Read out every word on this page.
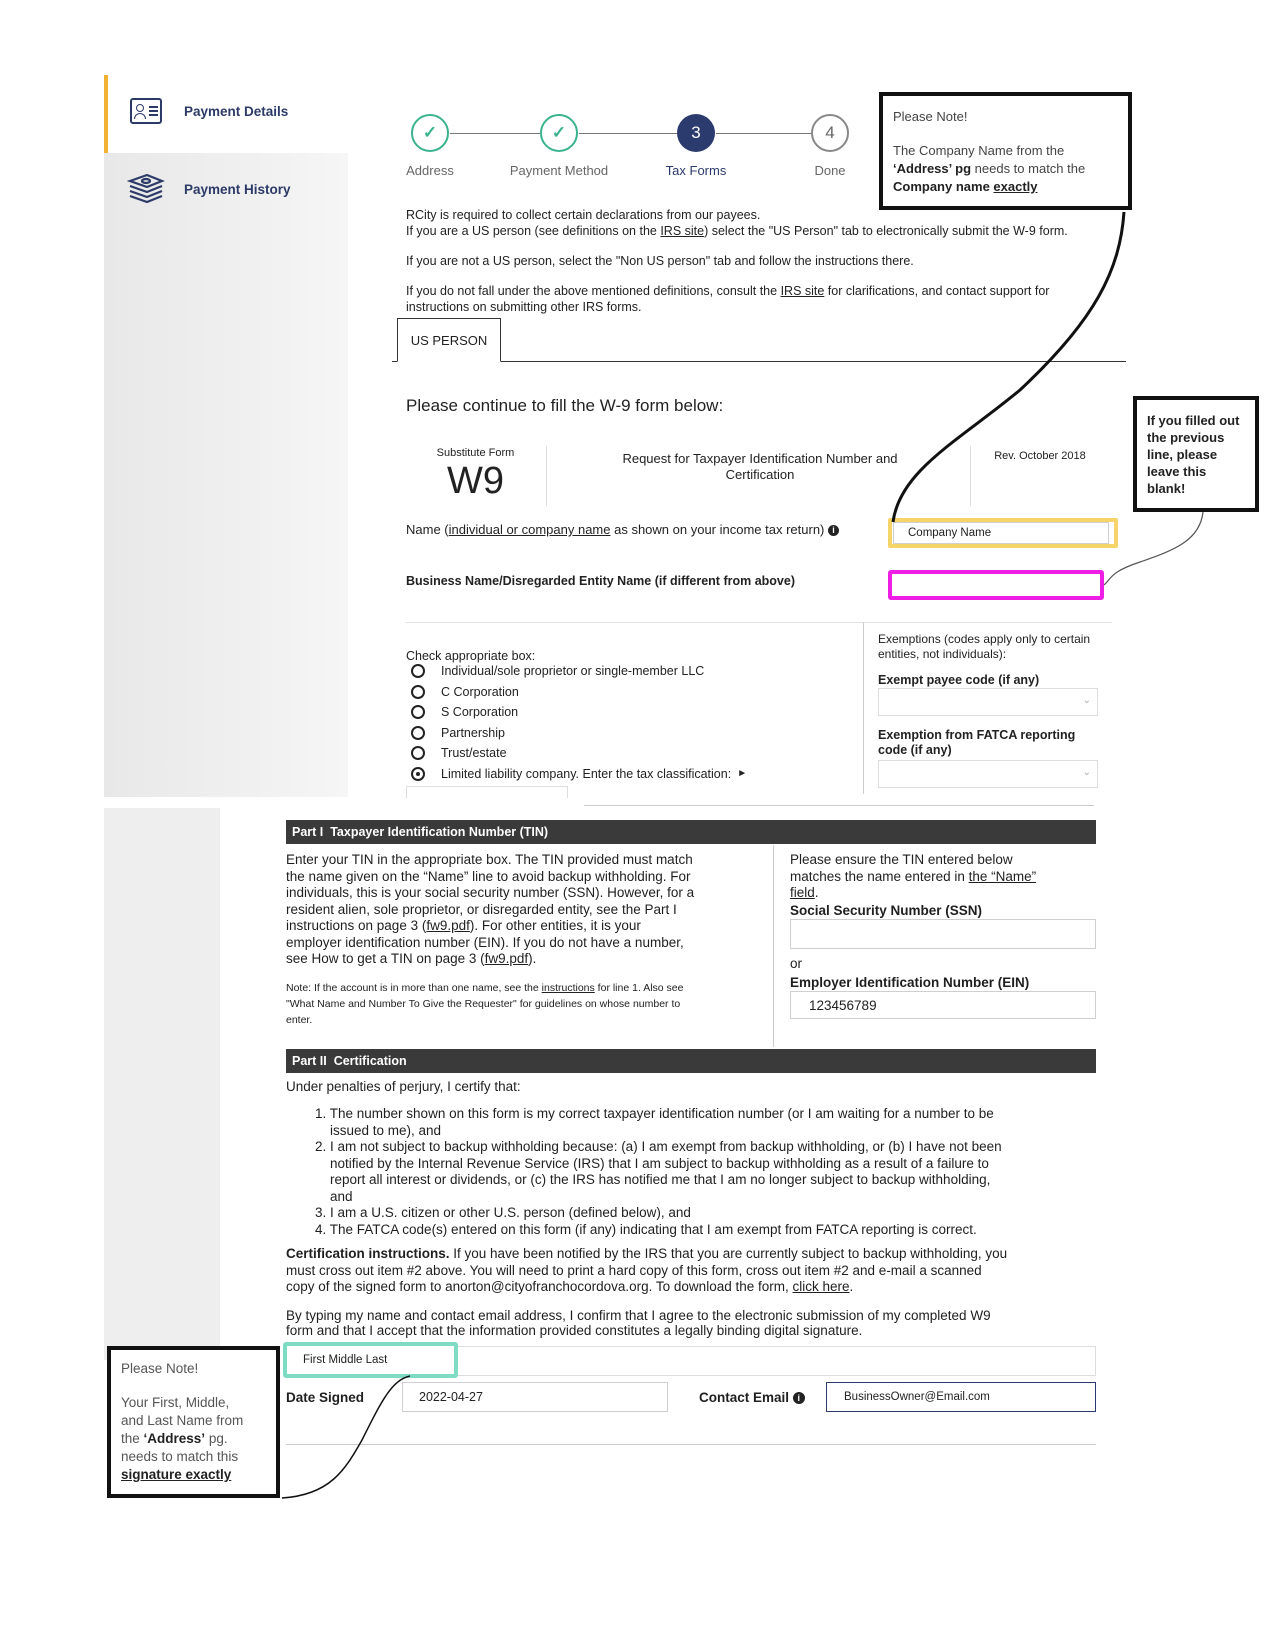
Payment Details
Payment History
✓	✓	3	4
Address	Payment Method	Tax Forms	Done
Please Note!
The Company Name from the
‘Address’ pg needs to match the
Company name exactly
RCity is required to collect certain declarations from our payees.
If you are a US person (see definitions on the IRS site) select the "US Person" tab to electronically submit the W-9 form.
If you are not a US person, select the "Non US person" tab and follow the instructions there.
If you do not fall under the above mentioned definitions, consult the IRS site for clarifications, and contact support for
instructions on submitting other IRS forms.
US PERSON
Please continue to fill the W-9 form below:
Substitute Form
W9
Request for Taxpayer Identification Number and Certification
Rev. October 2018
Name (individual or company name as shown on your income tax return) i	Company Name
Business Name/Disregarded Entity Name (if different from above)
Check appropriate box:
Individual/sole proprietor or single-member LLC
C Corporation
S Corporation
Partnership
Trust/estate
Limited liability company. Enter the tax classification: ►
Exemptions (codes apply only to certain entities, not individuals):
Exempt payee code (if any)
⌄
Exemption from FATCA reporting code (if any)
⌄
If you filled out the previous line, please leave this blank!
Part I
Taxpayer Identification Number (TIN)
Enter your TIN in the appropriate box. The TIN provided must match
the name given on the “Name” line to avoid backup withholding. For
individuals, this is your social security number (SSN). However, for a
resident alien, sole proprietor, or disregarded entity, see the Part I
instructions on page 3 (fw9.pdf). For other entities, it is your
employer identification number (EIN). If you do not have a number,
see How to get a TIN on page 3 (fw9.pdf).
Note: If the account is in more than one name, see the instructions for line 1. Also see
"What Name and Number To Give the Requester" for guidelines on whose number to
enter.
Please ensure the TIN entered below
matches the name entered in the “Name”
field.
Social Security Number (SSN)
or
Employer Identification Number (EIN)
123456789
Part II
Certification
Under penalties of perjury, I certify that:
1. The number shown on this form is my correct taxpayer identification number (or I am waiting for a number to be
issued to me), and
2. I am not subject to backup withholding because: (a) I am exempt from backup withholding, or (b) I have not been
notified by the Internal Revenue Service (IRS) that I am subject to backup withholding as a result of a failure to
report all interest or dividends, or (c) the IRS has notified me that I am no longer subject to backup withholding,
and
3. I am a U.S. citizen or other U.S. person (defined below), and
4. The FATCA code(s) entered on this form (if any) indicating that I am exempt from FATCA reporting is correct.
Certification instructions. If you have been notified by the IRS that you are currently subject to backup withholding, you
must cross out item #2 above. You will need to print a hard copy of this form, cross out item #2 and e-mail a scanned
copy of the signed form to anorton@cityofranchocordova.org. To download the form, click here.
By typing my name and contact email address, I confirm that I agree to the electronic submission of my completed W9
form and that I accept that the information provided constitutes a legally binding digital signature.
First Middle Last
Date Signed	2022-04-27	Contact Email i	BusinessOwner@Email.com
Please Note!
Your First, Middle,
and Last Name from
the ‘Address’ pg.
needs to match this
signature exactly
